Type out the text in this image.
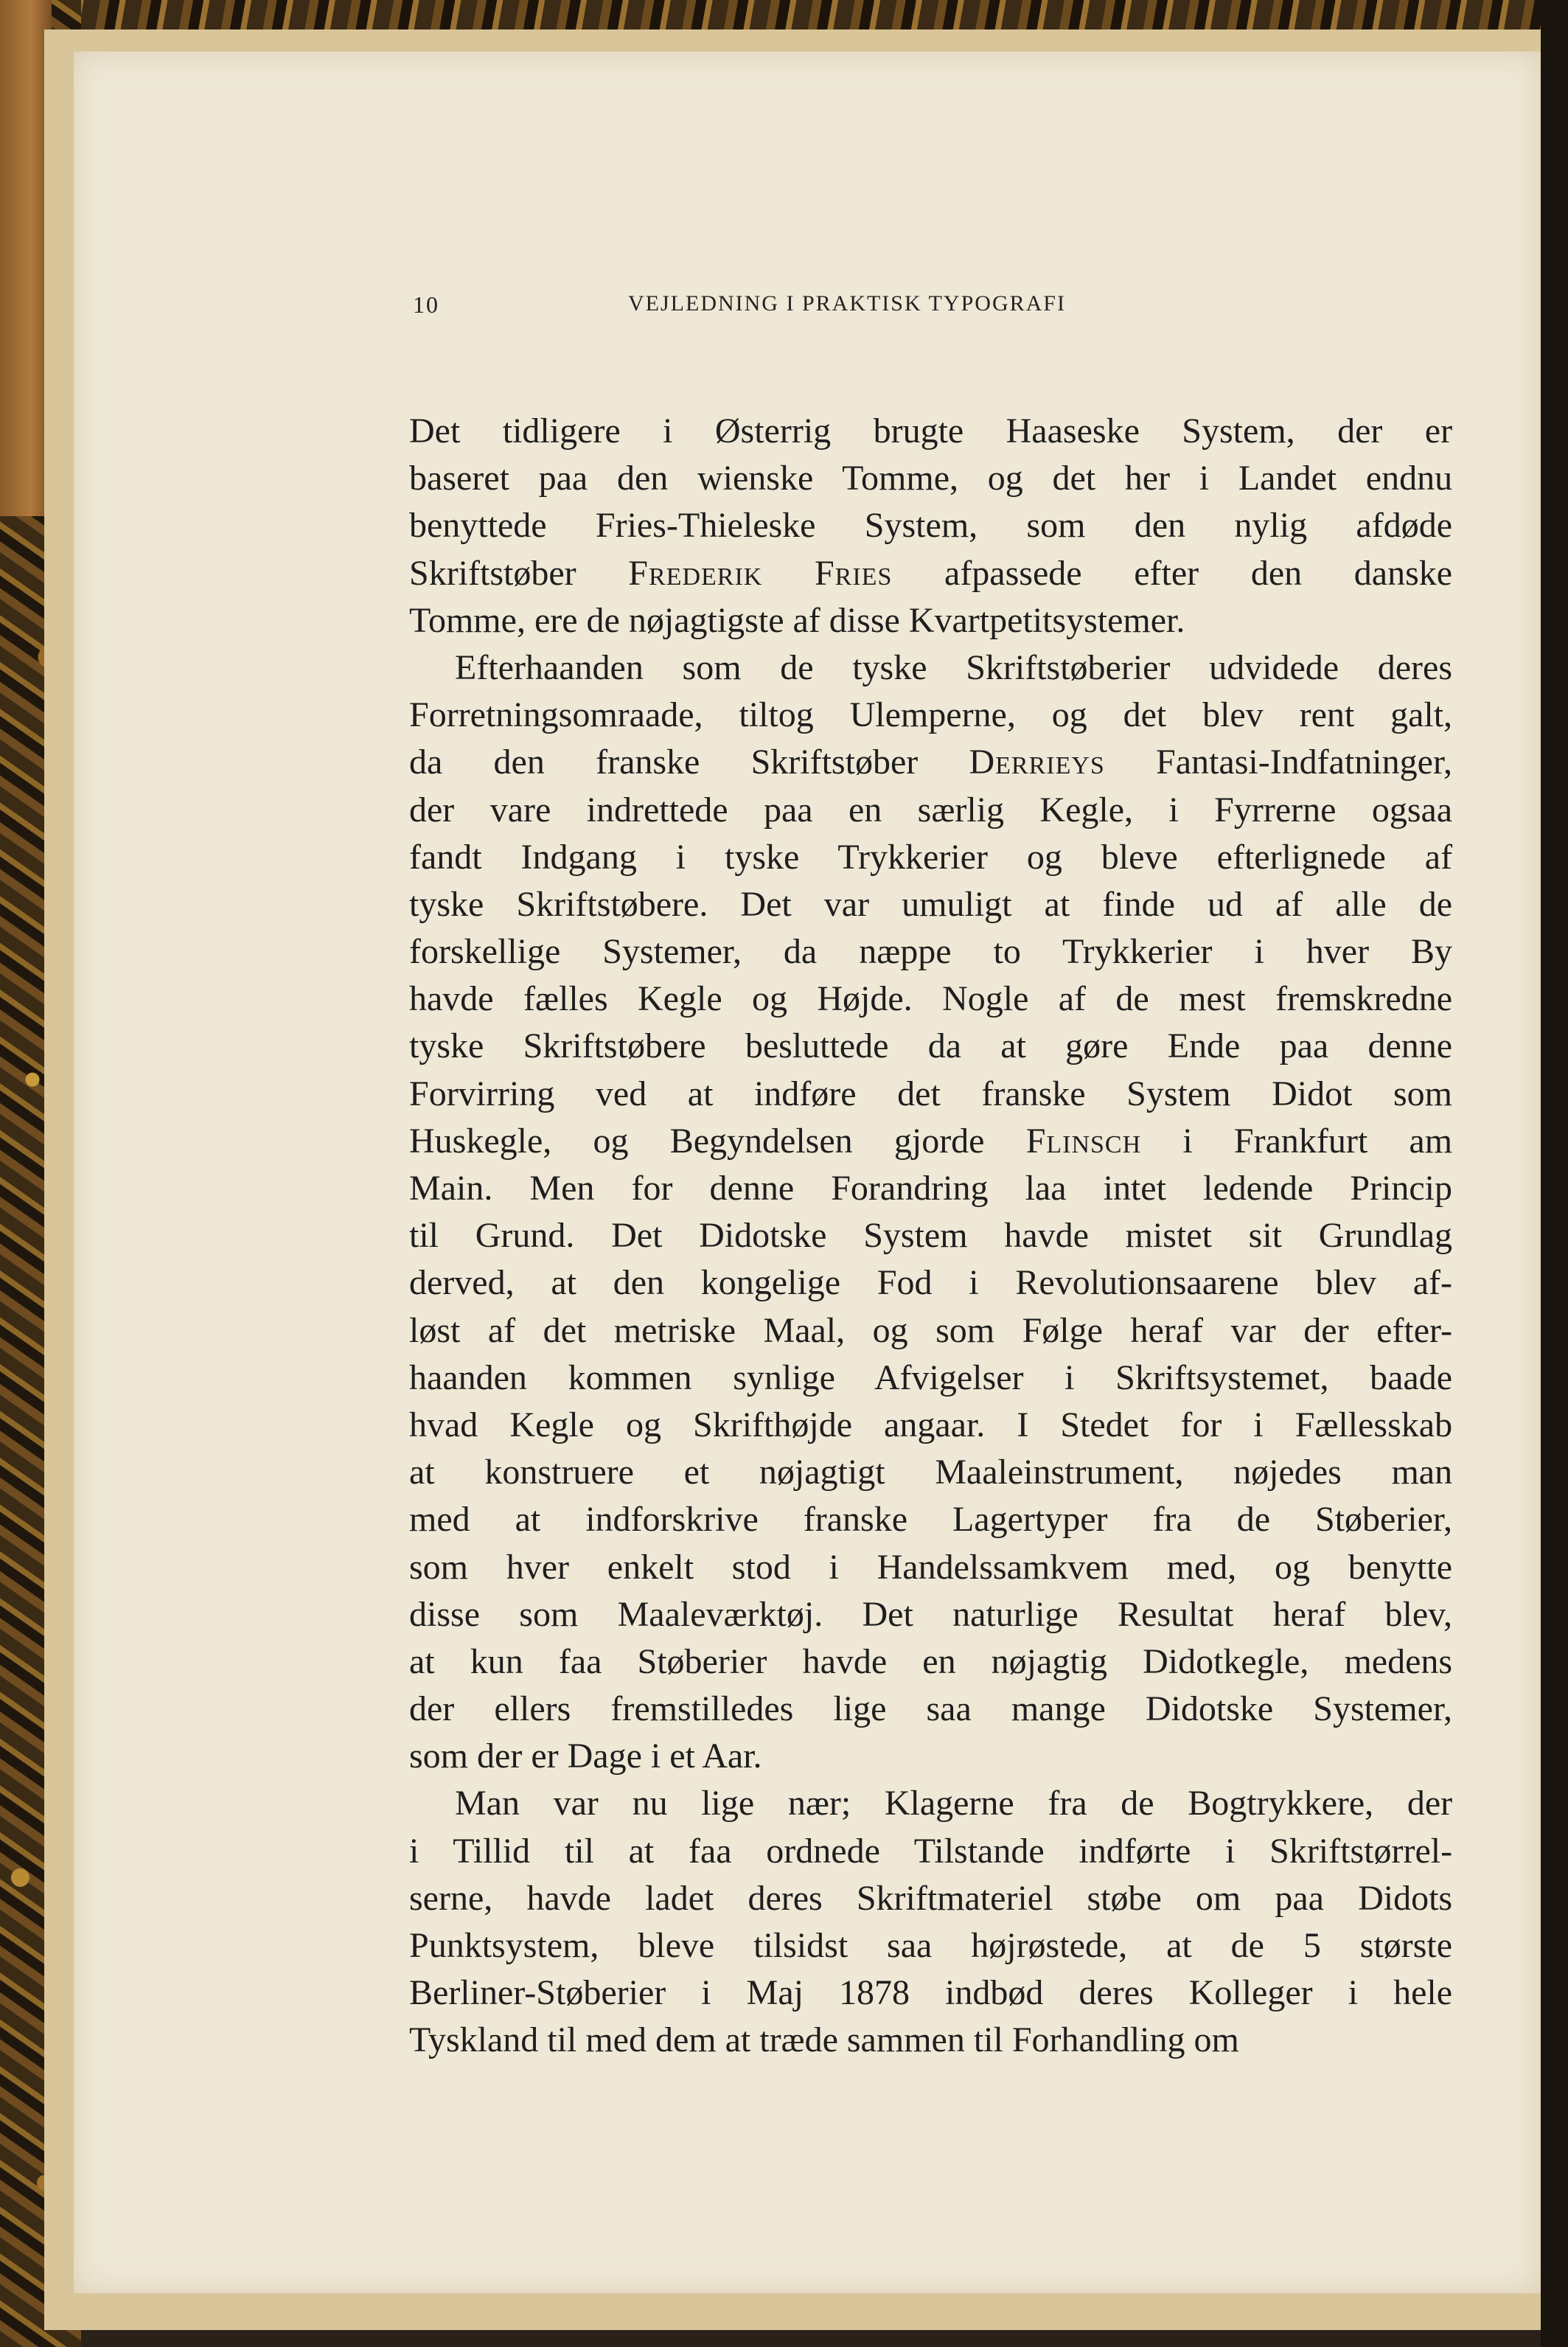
10	VEJLEDNING I PRAKTISK TYPOGRAFI
Det tidligere i Østerrig brugte Haaseske System, der er
baseret paa den wienske Tomme, og det her i Landet endnu
benyttede Fries-Thieleske System, som den nylig afdøde
Skriftstøber Frederik Fries afpassede efter den danske
Tomme, ere de nøjagtigste af disse Kvartpetitsystemer.
Efterhaanden som de tyske Skriftstøberier udvidede deres
Forretningsomraade, tiltog Ulemperne, og det blev rent galt,
da den franske Skriftstøber Derrieys Fantasi-Indfatninger,
der vare indrettede paa en særlig Kegle, i Fyrrerne ogsaa
fandt Indgang i tyske Trykkerier og bleve efterlignede af
tyske Skriftstøbere. Det var umuligt at finde ud af alle de
forskellige Systemer, da næppe to Trykkerier i hver By
havde fælles Kegle og Højde. Nogle af de mest fremskredne
tyske Skriftstøbere besluttede da at gøre Ende paa denne
Forvirring ved at indføre det franske System Didot som
Huskegle, og Begyndelsen gjorde Flinsch i Frankfurt am
Main. Men for denne Forandring laa intet ledende Princip
til Grund. Det Didotske System havde mistet sit Grundlag
derved, at den kongelige Fod i Revolutionsaarene blev af-
løst af det metriske Maal, og som Følge heraf var der efter-
haanden kommen synlige Afvigelser i Skriftsystemet, baade
hvad Kegle og Skrifthøjde angaar. I Stedet for i Fællesskab
at konstruere et nøjagtigt Maaleinstrument, nøjedes man
med at indforskrive franske Lagertyper fra de Støberier,
som hver enkelt stod i Handelssamkvem med, og benytte
disse som Maaleværktøj. Det naturlige Resultat heraf blev,
at kun faa Støberier havde en nøjagtig Didotkegle, medens
der ellers fremstilledes lige saa mange Didotske Systemer,
som der er Dage i et Aar.
Man var nu lige nær; Klagerne fra de Bogtrykkere, der
i Tillid til at faa ordnede Tilstande indførte i Skriftstørrel-
serne, havde ladet deres Skriftmateriel støbe om paa Didots
Punktsystem, bleve tilsidst saa højrøstede, at de 5 største
Berliner-Støberier i Maj 1878 indbød deres Kolleger i hele
Tyskland til med dem at træde sammen til Forhandling om
